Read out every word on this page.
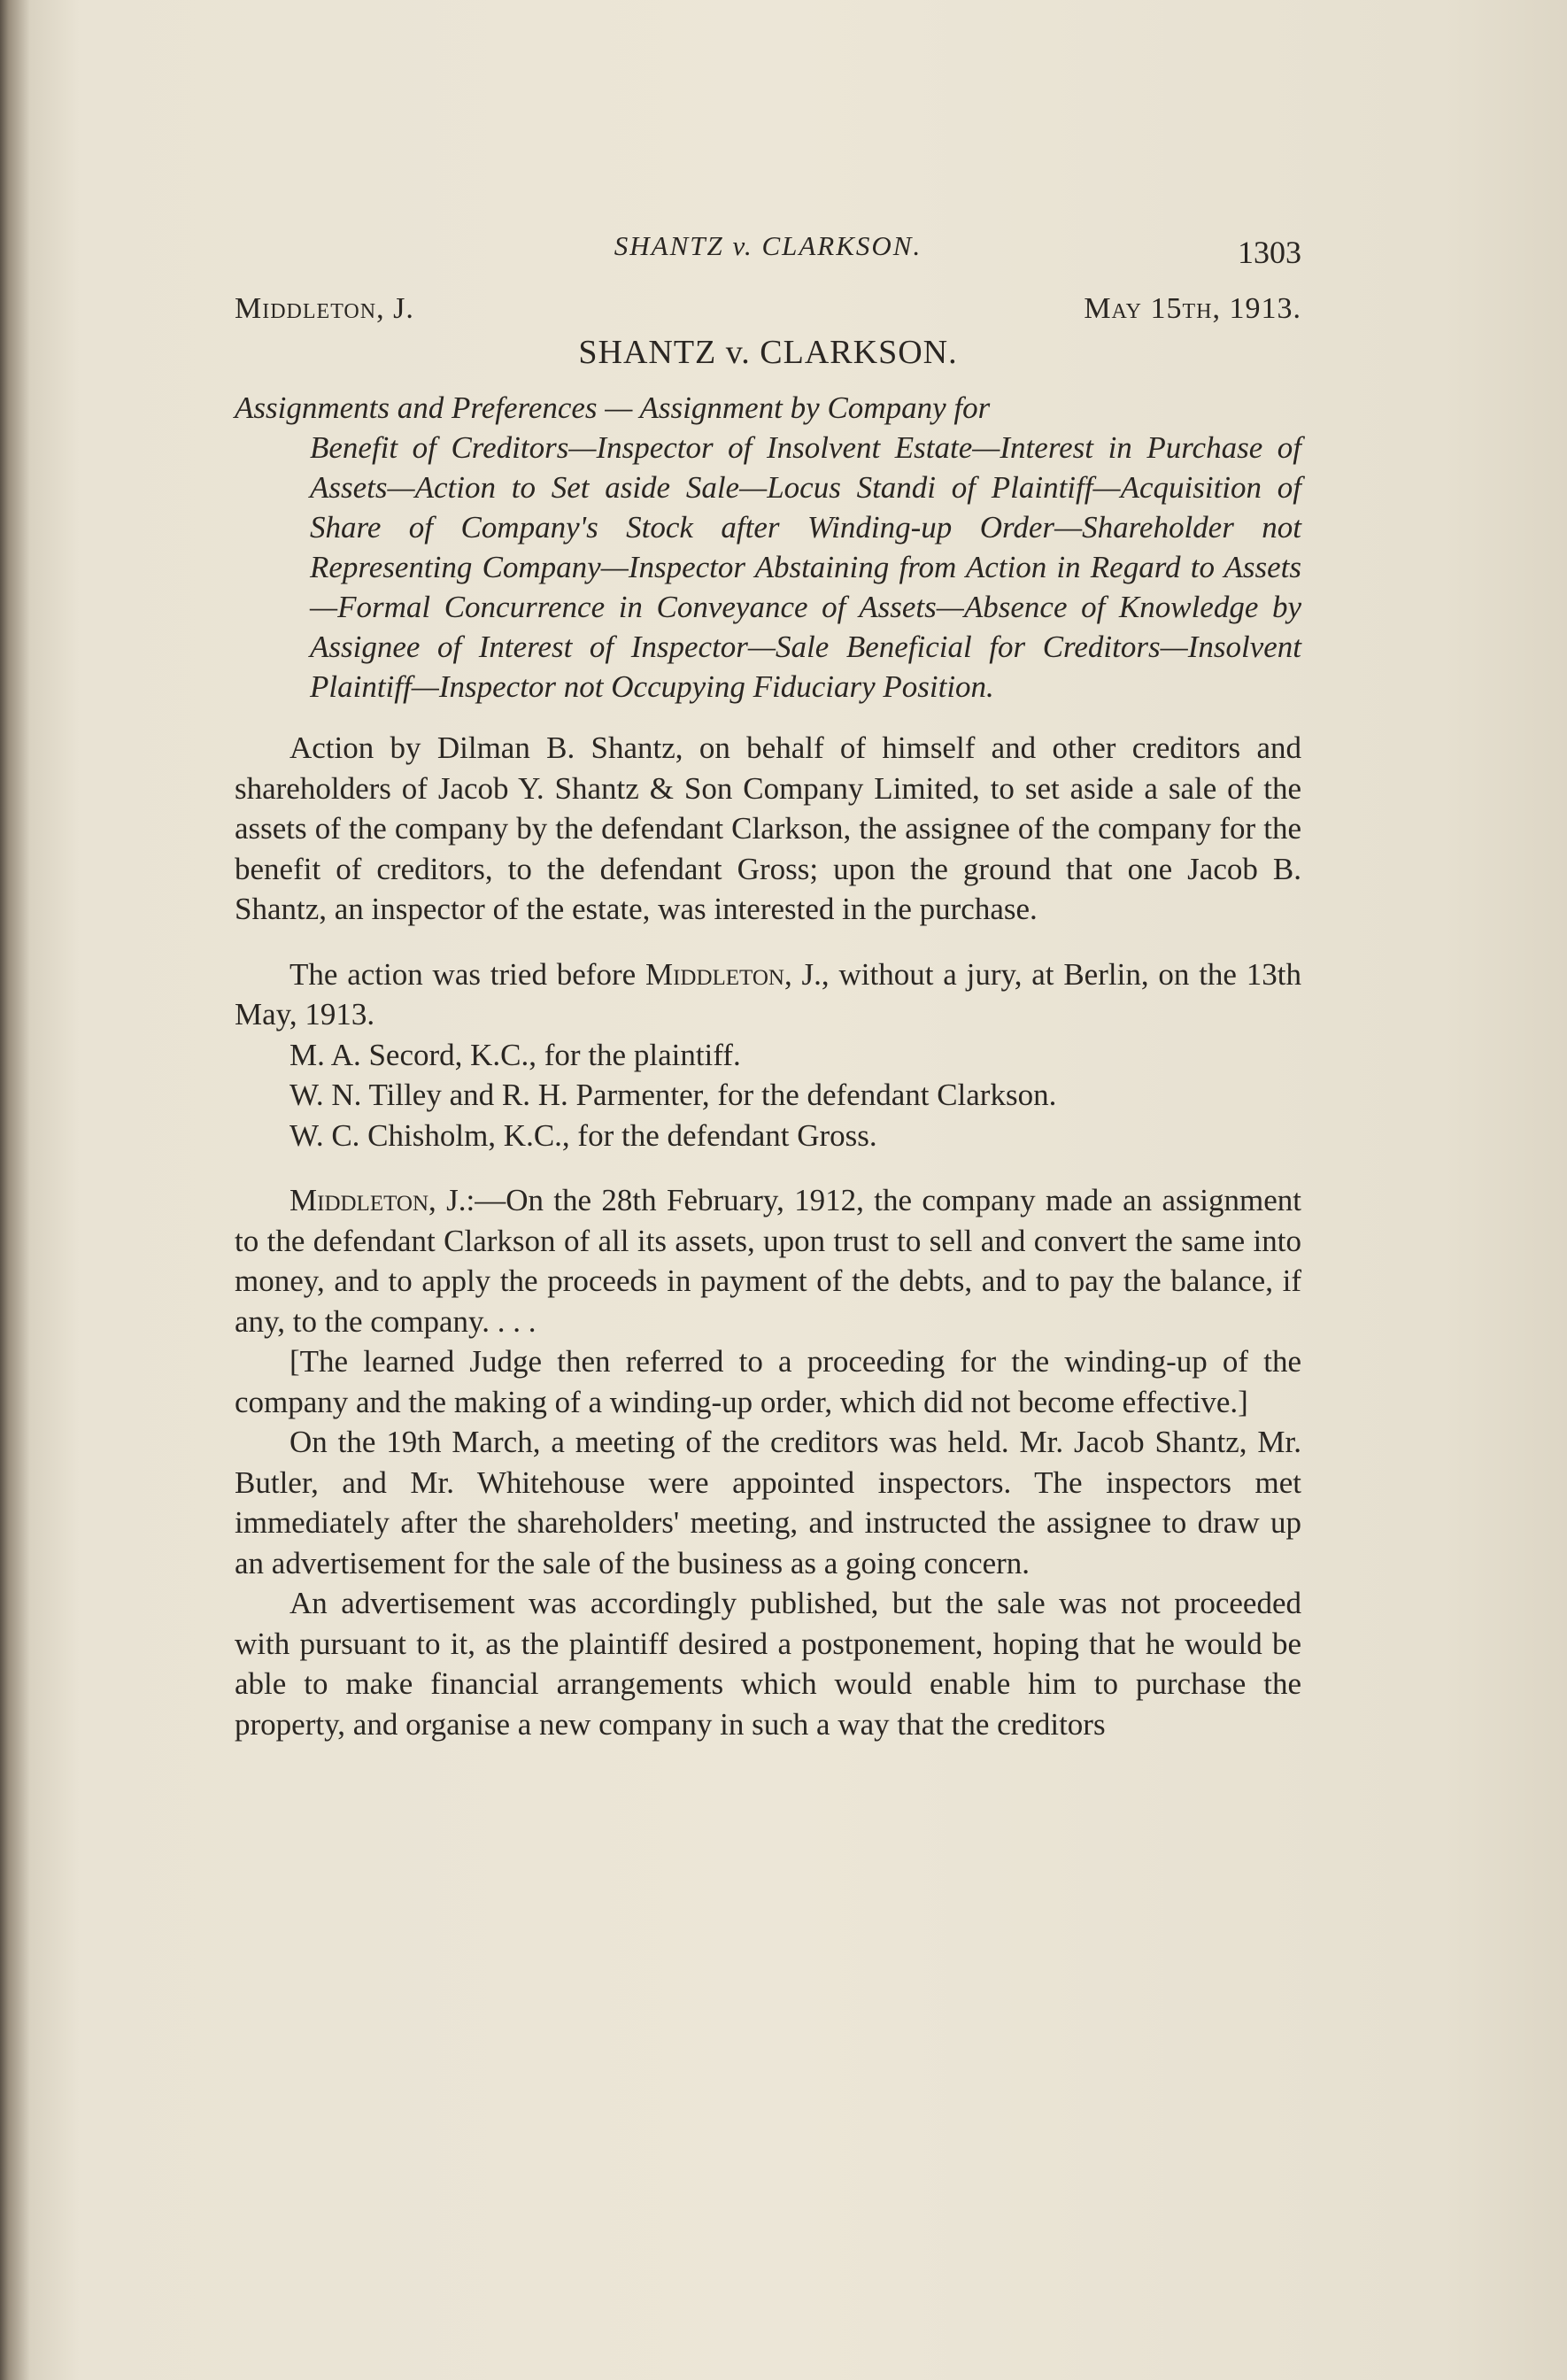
SHANTZ v. CLARKSON.	1303
Middleton, J.	May 15th, 1913.
SHANTZ v. CLARKSON.
Assignments and Preferences — Assignment by Company for
Benefit of Creditors—Inspector of Insolvent Estate—Interest in Purchase of Assets—Action to Set aside Sale—Locus Standi of Plaintiff—Acquisition of Share of Company's Stock after Winding-up Order—Shareholder not Representing Company—Inspector Abstaining from Action in Regard to Assets—Formal Concurrence in Conveyance of Assets—Absence of Knowledge by Assignee of Interest of Inspector—Sale Beneficial for Creditors—Insolvent Plaintiff—Inspector not Occupying Fiduciary Position.

Action by Dilman B. Shantz, on behalf of himself and other creditors and shareholders of Jacob Y. Shantz & Son Company Limited, to set aside a sale of the assets of the company by the defendant Clarkson, the assignee of the company for the benefit of creditors, to the defendant Gross; upon the ground that one Jacob B. Shantz, an inspector of the estate, was interested in the purchase.

The action was tried before Middleton, J., without a jury, at Berlin, on the 13th May, 1913.

M. A. Secord, K.C., for the plaintiff.

W. N. Tilley and R. H. Parmenter, for the defendant Clarkson.

W. C. Chisholm, K.C., for the defendant Gross.

Middleton, J.:—On the 28th February, 1912, the company made an assignment to the defendant Clarkson of all its assets, upon trust to sell and convert the same into money, and to apply the proceeds in payment of the debts, and to pay the balance, if any, to the company. . . .

[The learned Judge then referred to a proceeding for the winding-up of the company and the making of a winding-up order, which did not become effective.]

On the 19th March, a meeting of the creditors was held. Mr. Jacob Shantz, Mr. Butler, and Mr. Whitehouse were appointed inspectors. The inspectors met immediately after the shareholders' meeting, and instructed the assignee to draw up an advertisement for the sale of the business as a going concern.

An advertisement was accordingly published, but the sale was not proceeded with pursuant to it, as the plaintiff desired a postponement, hoping that he would be able to make financial arrangements which would enable him to purchase the property, and organise a new company in such a way that the creditors
